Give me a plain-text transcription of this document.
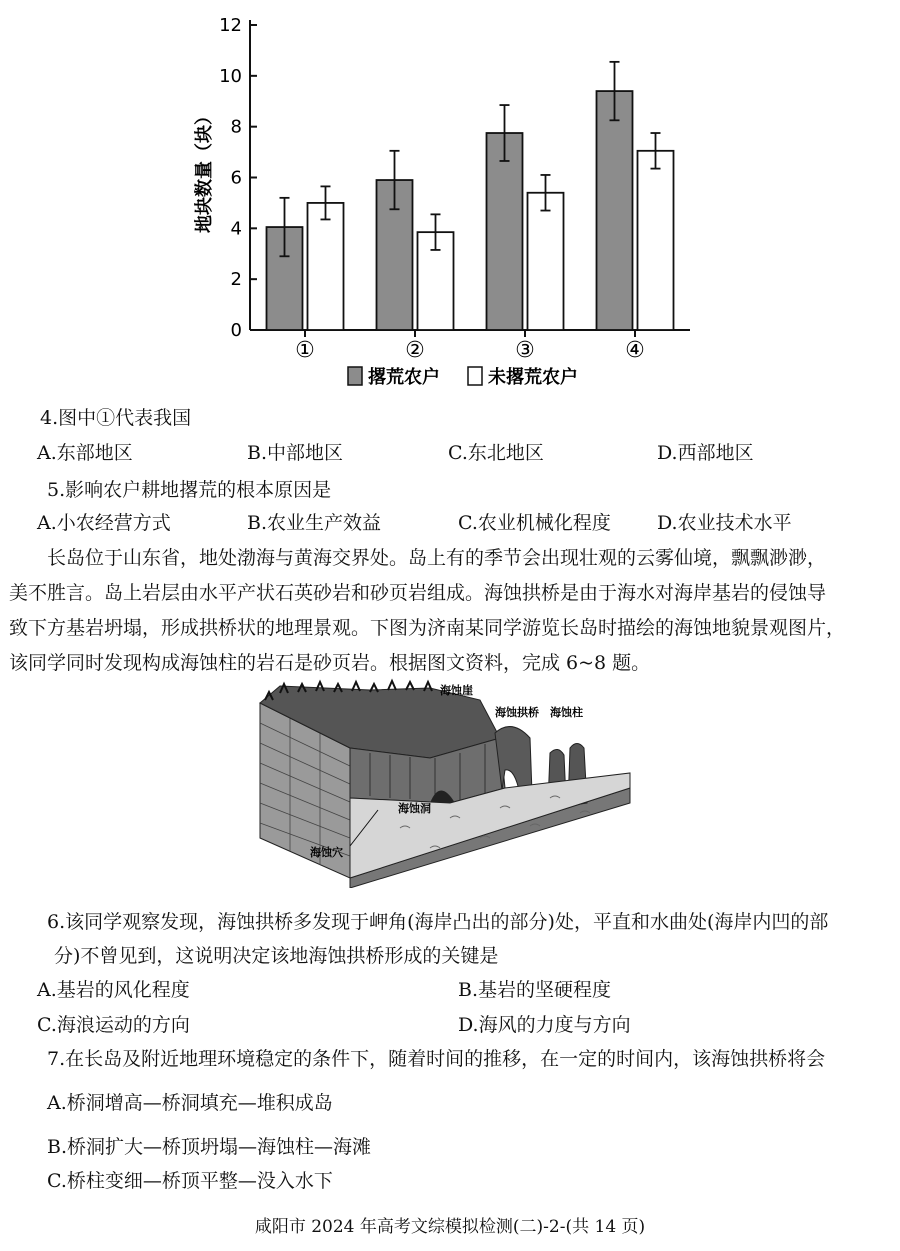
0
2
4
6
8
10
12
①	②	③	④
地块数量（块）
撂荒农户	未撂荒农户
4.图中①代表我国
A.东部地区	B.中部地区	C.东北地区	D.西部地区
5.影响农户耕地撂荒的根本原因是
A.小农经营方式	B.农业生产效益	C.农业机械化程度 D.农业技术水平
长岛位于山东省，地处渤海与黄海交界处。岛上有的季节会出现壮观的云雾仙境，飘飘渺渺，
美不胜言。岛上岩层由水平产状石英砂岩和砂页岩组成。海蚀拱桥是由于海水对海岸基岩的侵蚀导
致下方基岩坍塌，形成拱桥状的地理景观。下图为济南某同学游览长岛时描绘的海蚀地貌景观图片，
该同学同时发现构成海蚀柱的岩石是砂页岩。根据图文资料，完成 6~8 题。
海蚀崖
海蚀拱桥 海蚀柱
海蚀洞
海蚀穴
6.该同学观察发现，海蚀拱桥多发现于岬角(海岸凸出的部分)处，平直和水曲处(海岸内凹的部
分)不曾见到，这说明决定该地海蚀拱桥形成的关键是
A.基岩的风化程度	B.基岩的坚硬程度
C.海浪运动的方向	D.海风的力度与方向
7.在长岛及附近地理环境稳定的条件下，随着时间的推移，在一定的时间内，该海蚀拱桥将会
A.桥洞增高—桥洞填充—堆积成岛
B.桥洞扩大—桥顶坍塌—海蚀柱—海滩
C.桥柱变细—桥顶平整—没入水下
咸阳市 2024 年高考文综模拟检测(二)-2-(共 14 页)
